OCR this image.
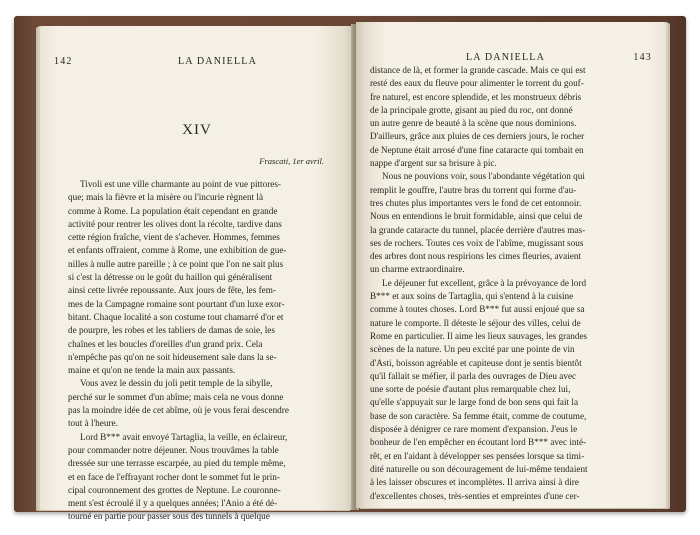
142	LA DANIELLA
XIV
Frascati, 1er avril.
Tivoli est une ville charmante au point de vue pittores-
que; mais la fièvre et la misère ou l'incurie règnent là
comme à Rome. La population était cependant en grande
activité pour rentrer les olives dont la récolte, tardive dans
cette région fraîche, vient de s'achever. Hommes, femmes
et enfants offraient, comme à Rome, une exhibition de gue-
nilles à nulle autre pareille ; à ce point que l'on ne sait plus
si c'est la détresse ou le goût du haillon qui généralisent
ainsi cette livrée repoussante. Aux jours de fête, les fem-
mes de la Campagne romaine sont pourtant d'un luxe exor-
bitant. Chaque localité a son costume tout chamarré d'or et
de pourpre, les robes et les tabliers de damas de soie, les
chaînes et les boucles d'oreilles d'un grand prix. Cela
n'empêche pas qu'on ne soit hideusement sale dans la se-
maine et qu'on ne tende la main aux passants.
Vous avez le dessin du joli petit temple de la sibylle,
perché sur le sommet d'un abîme; mais cela ne vous donne
pas la moindre idée de cet abîme, où je vous ferai descendre
tout à l'heure.
Lord B*** avait envoyé Tartaglia, la veille, en éclaireur,
pour commander notre déjeuner. Nous trouvâmes la table
dressée sur une terrasse escarpée, au pied du temple même,
et en face de l'effrayant rocher dont le sommet fut le prin-
cipal couronnement des grottes de Neptune. Le couronne-
ment s'est écroulé il y a quelques années; l'Anio a été dé-
tourné en partie pour passer sous des tunnels à quelque
LA DANIELLA	143
distance de là, et former la grande cascade. Mais ce qui est
resté des eaux du fleuve pour alimenter le torrent du gouf-
fre naturel, est encore splendide, et les monstrueux débris
de la principale grotte, gisant au pied du roc, ont donné
un autre genre de beauté à la scène que nous dominions.
D'ailleurs, grâce aux pluies de ces derniers jours, le rocher
de Neptune était arrosé d'une fine cataracte qui tombait en
nappe d'argent sur sa brisure à pic.
Nous ne pouvions voir, sous l'abondante végétation qui
remplit le gouffre, l'autre bras du torrent qui forme d'au-
tres chutes plus importantes vers le fond de cet entonnoir.
Nous en entendions le bruit formidable, ainsi que celui de
la grande cataracte du tunnel, placée derrière d'autres mas-
ses de rochers. Toutes ces voix de l'abîme, mugissant sous
des arbres dont nous respirions les cimes fleuries, avaient
un charme extraordinaire.
Le déjeuner fut excellent, grâce à la prévoyance de lord
B*** et aux soins de Tartaglia, qui s'entend à la cuisine
comme à toutes choses. Lord B*** fut aussi enjoué que sa
nature le comporte. Il déteste le séjour des villes, celui de
Rome en particulier. Il aime les lieux sauvages, les grandes
scènes de la nature. Un peu excité par une pointe de vin
d'Asti, boisson agréable et capiteuse dont je sentis bientôt
qu'il fallait se méfier, il parla des ouvrages de Dieu avec
une sorte de poésie d'autant plus remarquable chez lui,
qu'elle s'appuyait sur le large fond de bon sens qui fait la
base de son caractère. Sa femme était, comme de coutume,
disposée à dénigrer ce rare moment d'expansion. J'eus le
bonheur de l'en empêcher en écoutant lord B*** avec inté-
rêt, et en l'aidant à développer ses pensées lorsque sa timi-
dité naturelle ou son découragement de lui-même tendaient
à les laisser obscures et incomplètes. Il arriva ainsi à dire
d'excellentes choses, très-senties et empreintes d'une cer-
